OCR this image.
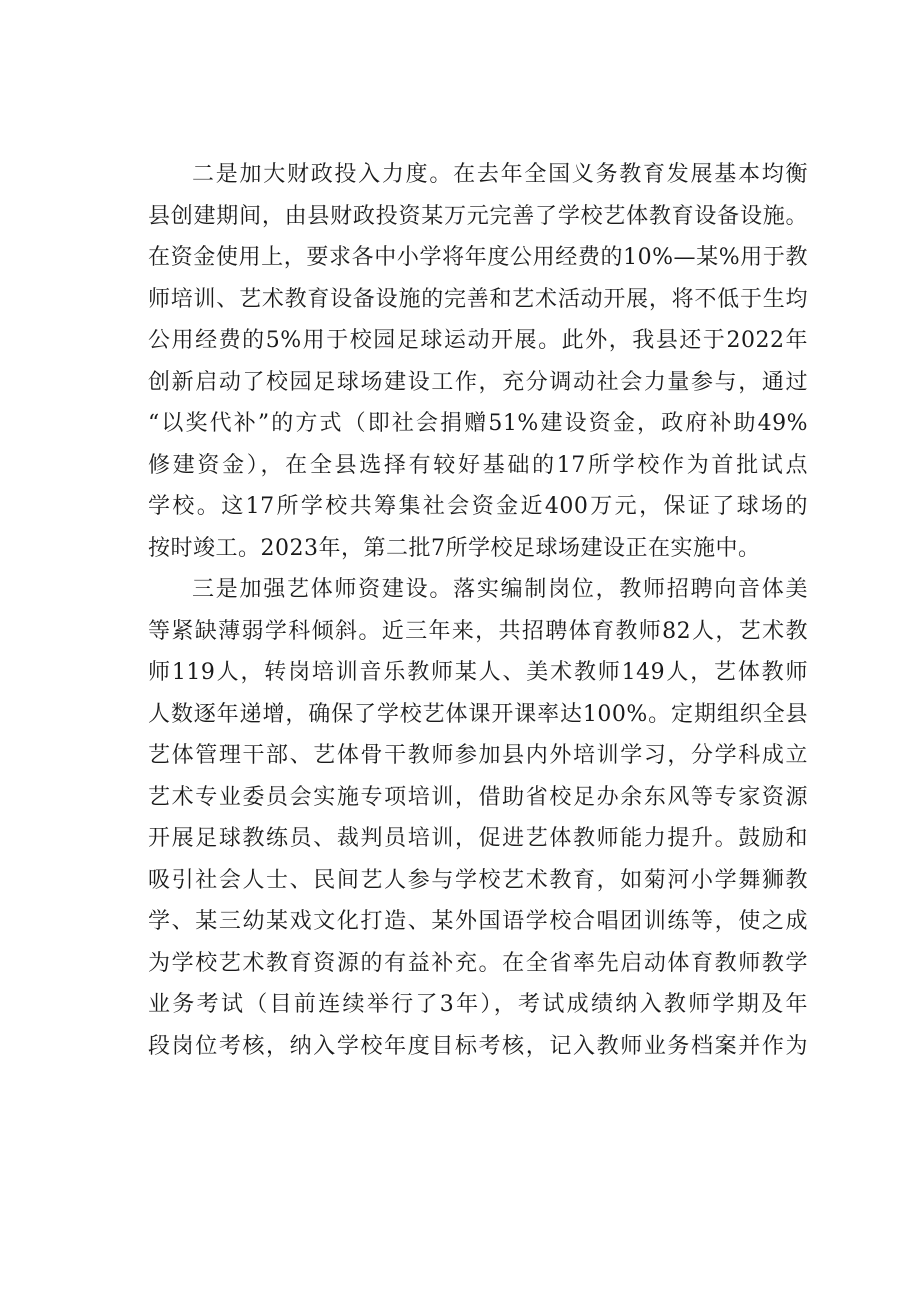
二是加大财政投入力度。在去年全国义务教育发展基本均衡
县创建期间，由县财政投资某万元完善了学校艺体教育设备设施。
在资金使用上，要求各中小学将年度公用经费的10%—某%用于教
师培训、艺术教育设备设施的完善和艺术活动开展，将不低于生均
公用经费的5%用于校园足球运动开展。此外，我县还于2022年
创新启动了校园足球场建设工作，充分调动社会力量参与，通过
“以奖代补”的方式（即社会捐赠51%建设资金，政府补助49%
修建资金），在全县选择有较好基础的17所学校作为首批试点
学校。这17所学校共筹集社会资金近400万元，保证了球场的
按时竣工。2023年，第二批7所学校足球场建设正在实施中。
三是加强艺体师资建设。落实编制岗位，教师招聘向音体美
等紧缺薄弱学科倾斜。近三年来，共招聘体育教师82人，艺术教
师119人，转岗培训音乐教师某人、美术教师149人，艺体教师
人数逐年递增，确保了学校艺体课开课率达100%。定期组织全县
艺体管理干部、艺体骨干教师参加县内外培训学习，分学科成立
艺术专业委员会实施专项培训，借助省校足办余东风等专家资源
开展足球教练员、裁判员培训，促进艺体教师能力提升。鼓励和
吸引社会人士、民间艺人参与学校艺术教育，如菊河小学舞狮教
学、某三幼某戏文化打造、某外国语学校合唱团训练等，使之成
为学校艺术教育资源的有益补充。在全省率先启动体育教师教学
业务考试（目前连续举行了3年），考试成绩纳入教师学期及年
段岗位考核，纳入学校年度目标考核，记入教师业务档案并作为
